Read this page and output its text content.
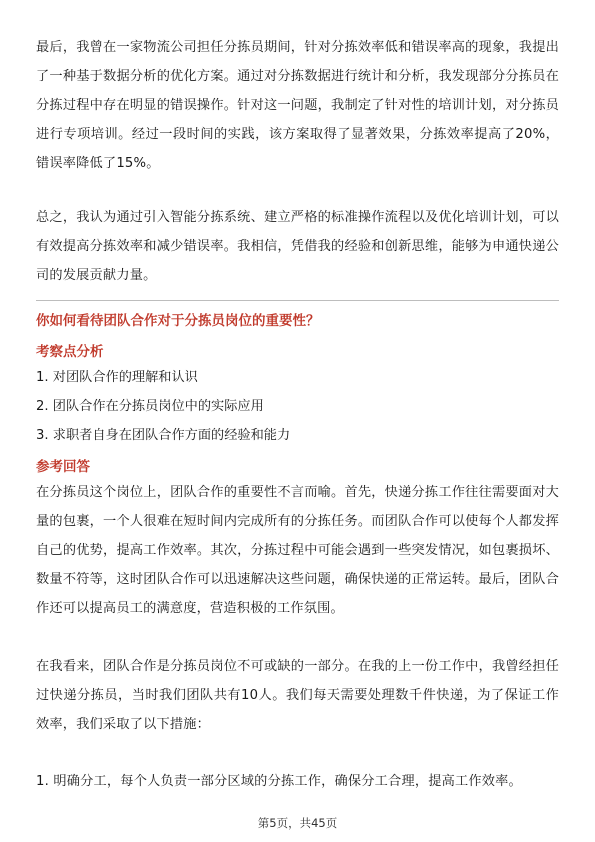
最后，我曾在一家物流公司担任分拣员期间，针对分拣效率低和错误率高的现象，我提出了一种基于数据分析的优化方案。通过对分拣数据进行统计和分析，我发现部分分拣员在分拣过程中存在明显的错误操作。针对这一问题，我制定了针对性的培训计划，对分拣员进行专项培训。经过一段时间的实践，该方案取得了显著效果，分拣效率提高了20%，错误率降低了15%。

总之，我认为通过引入智能分拣系统、建立严格的标准操作流程以及优化培训计划，可以有效提高分拣效率和减少错误率。我相信，凭借我的经验和创新思维，能够为申通快递公司的发展贡献力量。

你如何看待团队合作对于分拣员岗位的重要性？
考察点分析

1. 对团队合作的理解和认识

2. 团队合作在分拣员岗位中的实际应用

3. 求职者自身在团队合作方面的经验和能力

参考回答

在分拣员这个岗位上，团队合作的重要性不言而喻。首先，快递分拣工作往往需要面对大量的包裹，一个人很难在短时间内完成所有的分拣任务。而团队合作可以使每个人都发挥自己的优势，提高工作效率。其次，分拣过程中可能会遇到一些突发情况，如包裹损坏、数量不符等，这时团队合作可以迅速解决这些问题，确保快递的正常运转。最后，团队合作还可以提高员工的满意度，营造积极的工作氛围。

在我看来，团队合作是分拣员岗位不可或缺的一部分。在我的上一份工作中，我曾经担任过快递分拣员，当时我们团队共有10人。我们每天需要处理数千件快递，为了保证工作效率，我们采取了以下措施：

1. 明确分工，每个人负责一部分区域的分拣工作，确保分工合理，提高工作效率。

第5页，共45页
